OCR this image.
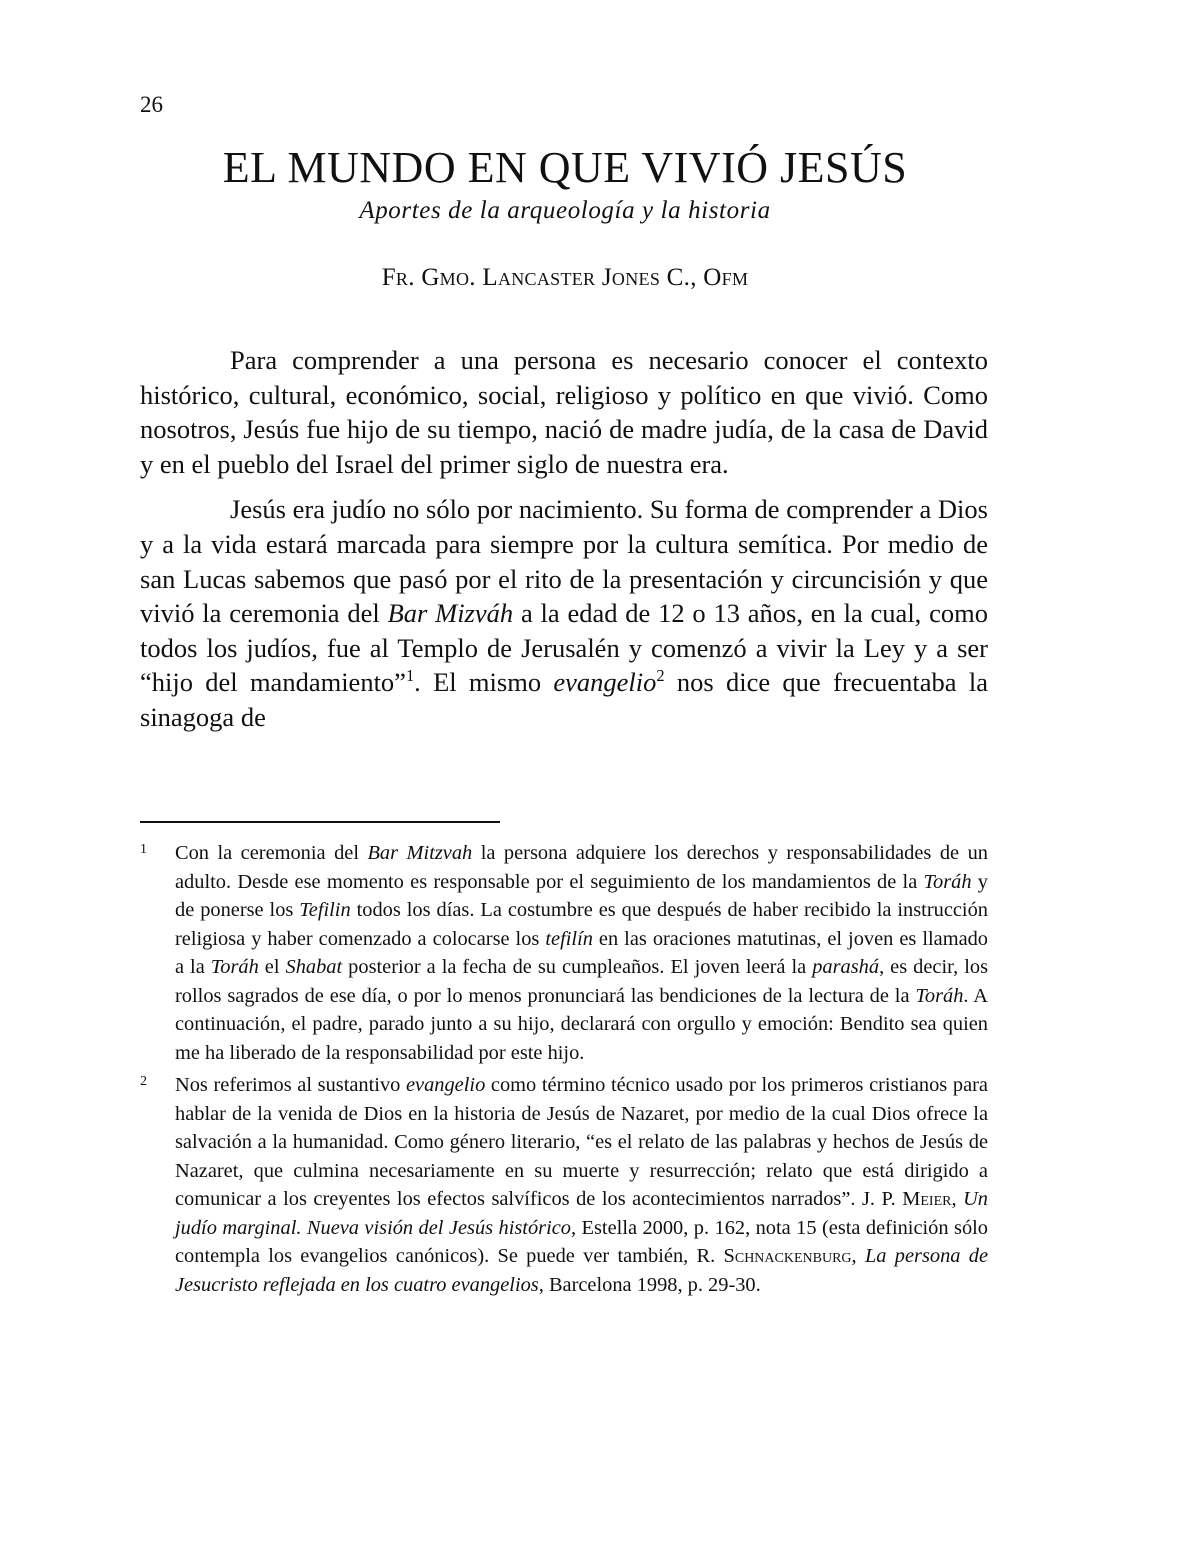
26
EL MUNDO EN QUE VIVIÓ JESÚS
Aportes de la arqueología y la historia
Fr. Gmo. Lancaster Jones C., Ofm

Para comprender a una persona es necesario conocer el contexto histórico, cultural, económico, social, religioso y político en que vivió. Como nosotros, Jesús fue hijo de su tiempo, nació de madre judía, de la casa de David y en el pueblo del Israel del primer siglo de nuestra era.

Jesús era judío no sólo por nacimiento. Su forma de comprender a Dios y a la vida estará marcada para siempre por la cultura semítica. Por medio de san Lucas sabemos que pasó por el rito de la presentación y circuncisión y que vivió la ceremonia del Bar Mizváh a la edad de 12 o 13 años, en la cual, como todos los judíos, fue al Templo de Jerusalén y comenzó a vivir la Ley y a ser “hijo del mandamiento”$^1$. El mismo evangelio$^2$ nos dice que frecuentaba la sinagoga de

1 Con la ceremonia del Bar Mitzvah la persona adquiere los derechos y responsabilidades de un adulto. Desde ese momento es responsable por el seguimiento de los mandamientos de la Toráh y de ponerse los Tefilin todos los días. La costumbre es que después de haber recibido la instrucción religiosa y haber comenzado a colocarse los tefilín en las oraciones matutinas, el joven es llamado a la Toráh el Shabat posterior a la fecha de su cumpleaños. El joven leerá la parashá, es decir, los rollos sagrados de ese día, o por lo menos pronunciará las bendiciones de la lectura de la Toráh. A continuación, el padre, parado junto a su hijo, declarará con orgullo y emoción: Bendito sea quien me ha liberado de la responsabilidad por este hijo.
2 Nos referimos al sustantivo evangelio como término técnico usado por los primeros cristianos para hablar de la venida de Dios en la historia de Jesús de Nazaret, por medio de la cual Dios ofrece la salvación a la humanidad. Como género literario, “es el relato de las palabras y hechos de Jesús de Nazaret, que culmina necesariamente en su muerte y resurrección; relato que está dirigido a comunicar a los creyentes los efectos salvíficos de los acontecimientos narrados”. J. P. Meier, Un judío marginal. Nueva visión del Jesús histórico, Estella 2000, p. 162, nota 15 (esta definición sólo contempla los evangelios canónicos). Se puede ver también, R. Schnackenburg, La persona de Jesucristo reflejada en los cuatro evangelios, Barcelona 1998, p. 29-30.
